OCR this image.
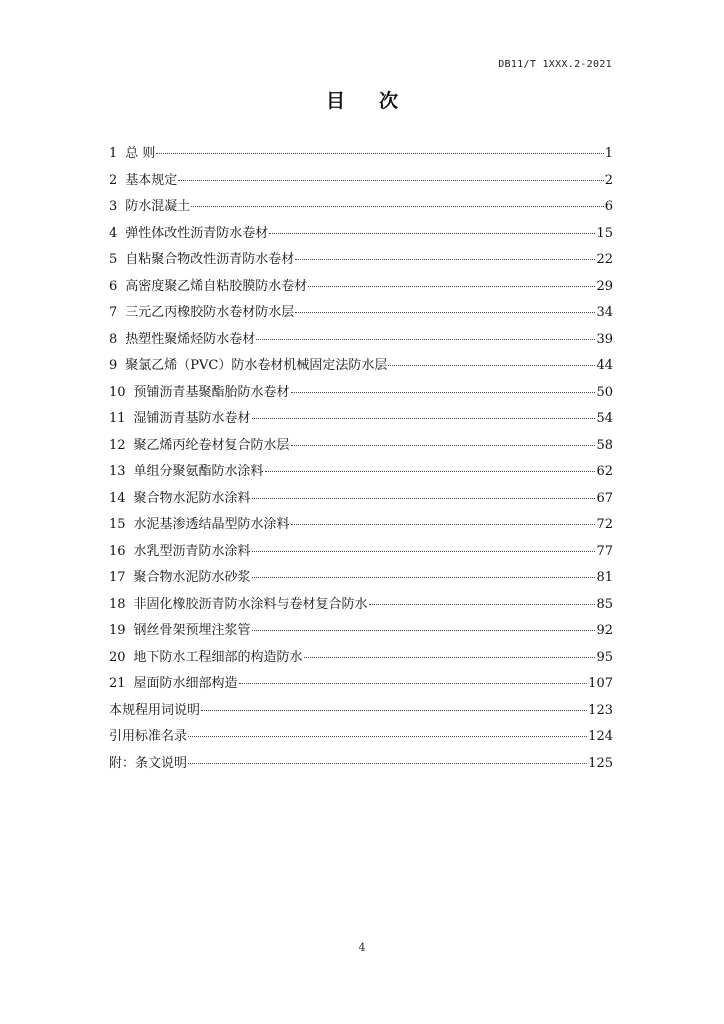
DB11/T 1XXX.2-2021
目次
1 总 则	1
2 基本规定	2
3 防水混凝土	6
4 弹性体改性沥青防水卷材	15
5 自粘聚合物改性沥青防水卷材	22
6 高密度聚乙烯自粘胶膜防水卷材	29
7 三元乙丙橡胶防水卷材防水层	34
8 热塑性聚烯烃防水卷材	39
9 聚氯乙烯（PVC）防水卷材机械固定法防水层	44
10 预铺沥青基聚酯胎防水卷材	50
11 湿铺沥青基防水卷材	54
12 聚乙烯丙纶卷材复合防水层	58
13 单组分聚氨酯防水涂料	62
14 聚合物水泥防水涂料	67
15 水泥基渗透结晶型防水涂料	72
16 水乳型沥青防水涂料	77
17 聚合物水泥防水砂浆	81
18 非固化橡胶沥青防水涂料与卷材复合防水	85
19 钢丝骨架预埋注浆管	92
20 地下防水工程细部的构造防水	95
21 屋面防水细部构造	107
本规程用词说明	123
引用标准名录	124
附：条文说明	125
4
